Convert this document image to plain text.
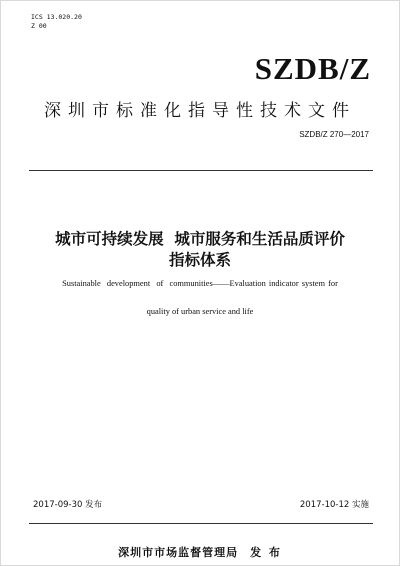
ICS 13.020.20
Z 00
SZDB/Z
深圳市标准化指导性技术文件
SZDB/Z 270—2017
城市可持续发展  城市服务和生活品质评价
指标体系
Sustainable  development  of  communities——Evaluation indicator system for
quality of urban service and life
2017-09-30 发布	2017-10-12 实施
深圳市市场监督管理局 发 布
